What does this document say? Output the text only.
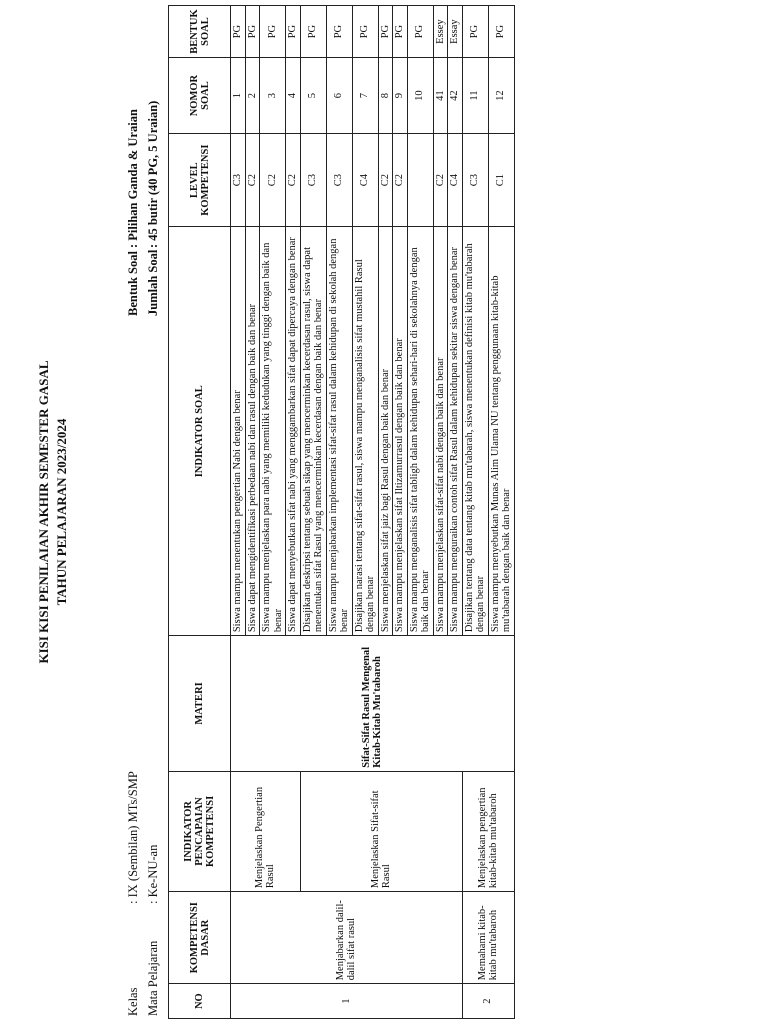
KISI KISI PENILAIAN AKHIR SEMESTER GASAL TAHUN PELAJARAN 2023/2024
Kelas
: IX (Sembilan) MTs/SMP
Mata Pelajaran
: Ke-NU-an
Bentuk Soal
: Pilihan Ganda & Uraian
Jumlah Soal
: 45 butir (40 PG, 5 Uraian)
NO	KOMPETENSI DASAR	INDIKATOR PENCAPAIAN KOMPETENSI	MATERI	INDIKATOR SOAL	LEVEL KOMPETENSI	NOMOR SOAL	BENTUK SOAL
1	Menjabarkan dalil-dalil sifat rasul	Menjelaskan Pengertian Rasul	Sifat-Sifat Rasul Mengenal Kitab-Kitab Mu'tabaroh	Siswa mampu menentukan pengertian Nabi dengan benar	C3	1	PG
				Siswa dapat mengidentifikasi perbedaan nabi dan rasul dengan baik dan benar	C2	2	PG
				Siswa mampu menjelaskan para nabi yang memiliki kedudukan yang tinggi dengan baik dan benar	C2	3	PG
				Siswa dapat menyebutkan sifat nabi yang menggambarkan sifat dapat dipercaya dengan benar	C2	4	PG
		Menjelaskan Sifat-sifat Rasul		Disajikan deskripsi tentang sebuah sikap yang mencerminkan kecerdasan rasul, siswa dapat menentukan sifat Rasul yang mencerminkan kecerdasan dengan baik dan benar	C3	5	PG
				Siswa mampu menjabarkan implementasi sifat-sifat rasul dalam kehidupan di sekolah dengan benar	C3	6	PG
				Disajikan narasi tentang sifat-sifat rasul, siswa mampu menganalisis sifat mustahil Rasul dengan benar	C4	7	PG
				Siswa menjelaskan sifat jaiz bagi Rasul dengan baik dan benar	C2	8	PG
				Siswa mampu menjelaskan sifat Iltizamurrasul dengan baik dan benar	C2	9	PG
				Siswa mampu menganalisis sifat tabligh dalam kehidupan sehari-hari di sekolahnya dengan baik dan benar		10	PG
				Siswa mampu menjelaskan sifat-sifat nabi dengan baik dan benar	C2	41	Essey
				Siswa mampu menguraikan contoh sifat Rasul dalam kehidupan sekitar siswa dengan benar	C4	42	Essay
2	Memahami kitab-kitab mu'tabaroh	Menjelaskan pengertian kitab-kitab mu'tabaroh		Disajikan tentang data tentang kitab mu'tabarah, siswa menentukan definisi kitab mu'tabarah dengan benar	C3	11	PG
				Siswa mampu menyebutkan Munas Alim Ulama NU tentang penggunaan kitab-kitab mu'tabarah dengan baik dan benar	C1	12	PG
